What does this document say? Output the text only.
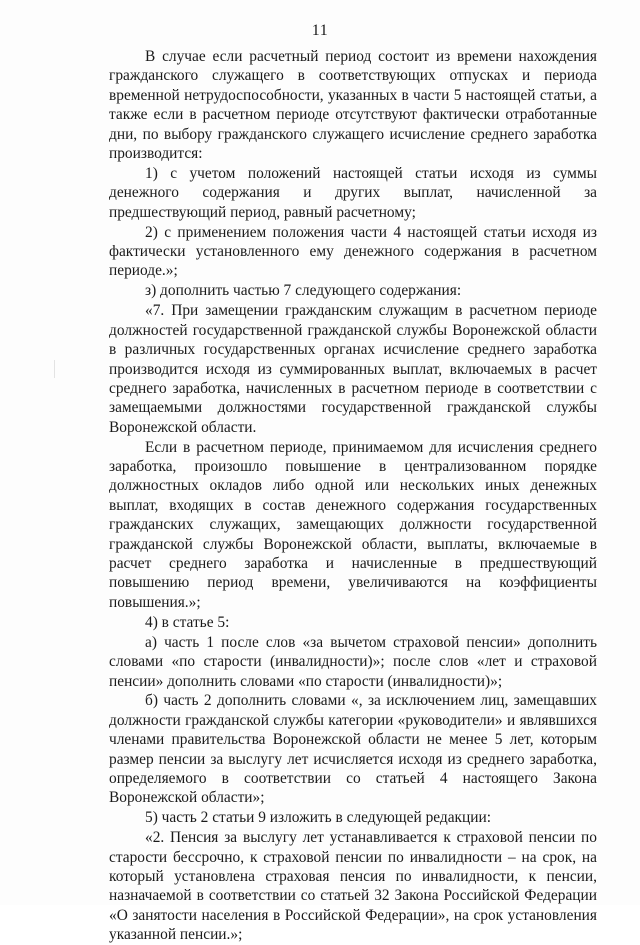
11

В случае если расчетный период состоит из времени нахождения гражданского служащего в соответствующих отпусках и периода временной нетрудоспособности, указанных в части 5 настоящей статьи, а также если в расчетном периоде отсутствуют фактически отработанные дни, по выбору гражданского служащего исчисление среднего заработка производится:

1) с учетом положений настоящей статьи исходя из суммы денежного содержания и других выплат, начисленной за предшествующий период, равный расчетному;

2) с применением положения части 4 настоящей статьи исходя из фактически установленного ему денежного содержания в расчетном периоде.»;

з) дополнить частью 7 следующего содержания:

«7. При замещении гражданским служащим в расчетном периоде должностей государственной гражданской службы Воронежской области в различных государственных органах исчисление среднего заработка производится исходя из суммированных выплат, включаемых в расчет среднего заработка, начисленных в расчетном периоде в соответствии с замещаемыми должностями государственной гражданской службы Воронежской области.

Если в расчетном периоде, принимаемом для исчисления среднего заработка, произошло повышение в централизованном порядке должностных окладов либо одной или нескольких иных денежных выплат, входящих в состав денежного содержания государственных гражданских служащих, замещающих должности государственной гражданской службы Воронежской области, выплаты, включаемые в расчет среднего заработка и начисленные в предшествующий повышению период времени, увеличиваются на коэффициенты повышения.»;

4) в статье 5:

а) часть 1 после слов «за вычетом страховой пенсии» дополнить словами «по старости (инвалидности)»; после слов «лет и страховой пенсии» дополнить словами «по старости (инвалидности)»;

б) часть 2 дополнить словами «, за исключением лиц, замещавших должности гражданской службы категории «руководители» и являвшихся членами правительства Воронежской области не менее 5 лет, которым размер пенсии за выслугу лет исчисляется исходя из среднего заработка, определяемого в соответствии со статьей 4 настоящего Закона Воронежской области»;

5) часть 2 статьи 9 изложить в следующей редакции:

«2. Пенсия за выслугу лет устанавливается к страховой пенсии по старости бессрочно, к страховой пенсии по инвалидности – на срок, на который установлена страховая пенсия по инвалидности, к пенсии, назначаемой в соответствии со статьей 32 Закона Российской Федерации «О занятости населения в Российской Федерации», на срок установления указанной пенсии.»;
